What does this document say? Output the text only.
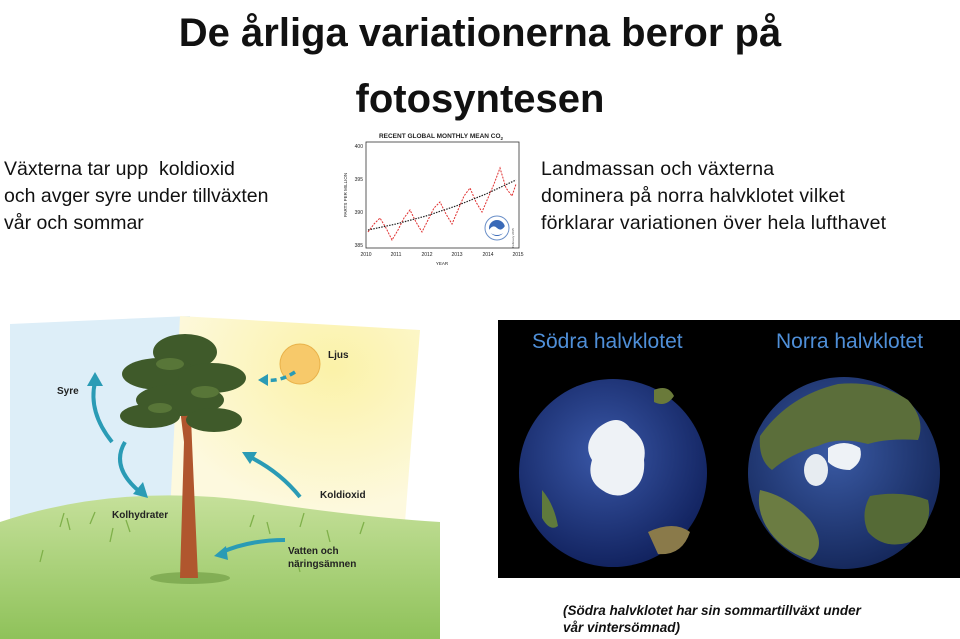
De årliga variationerna beror på
fotosyntesen
Växterna tar upp  koldioxid
och avger syre under tillväxten
vår och sommar
Landmassan och växterna
dominera på norra halvklotet vilket
förklarar variationen över hela lufthavet
RECENT GLOBAL MONTHLY MEAN $CO_2$
PARTS PER MILLION
400
395
390
385
2010	2011	2012	2013	2014	2015
YEAR
February 2015
Ljus
Syre
Kolhydrater
Koldioxid
Vatten och
näringsämnen
Södra halvklotet	Norra halvklotet
(Södra halvklotet har sin sommartillväxt under
vår vintersömnad)
